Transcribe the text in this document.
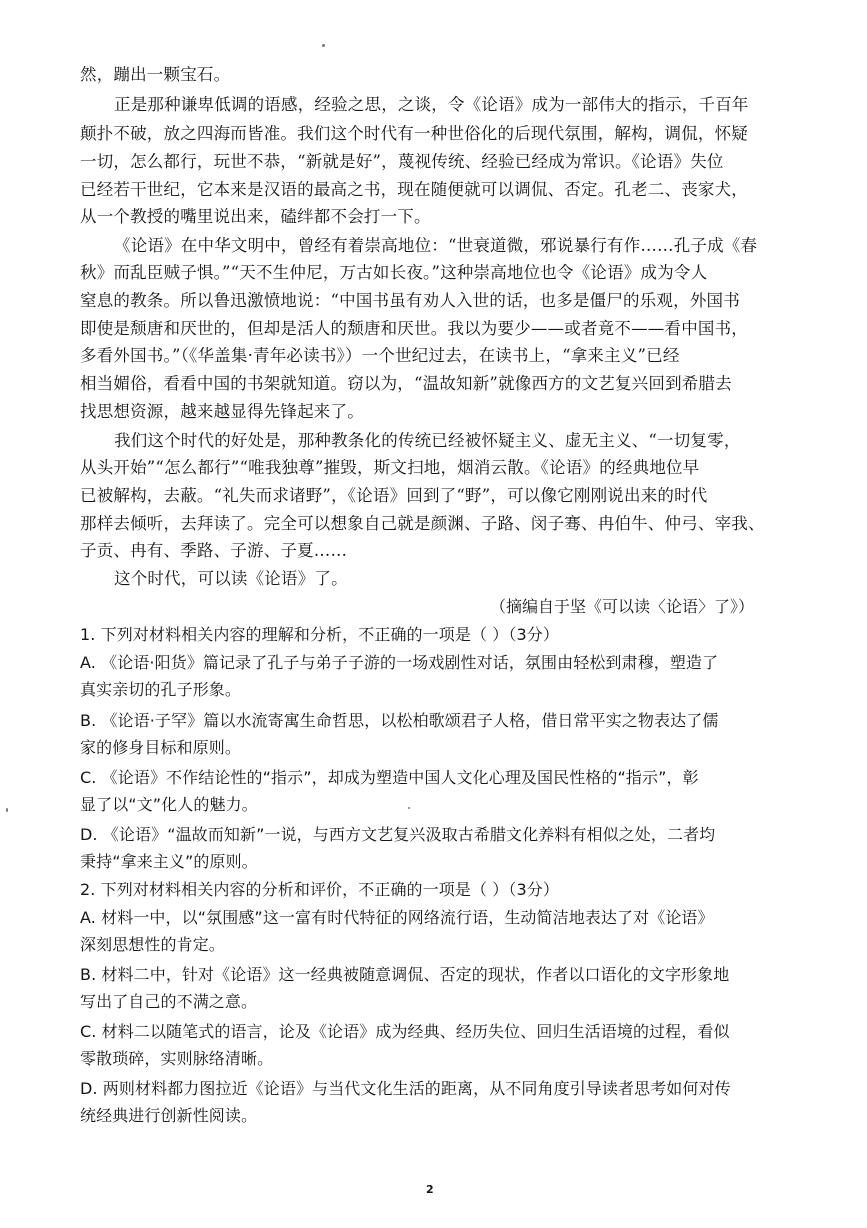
然，蹦出一颗宝石。
正是那种谦卑低调的语感，经验之思，之谈，令《论语》成为一部伟大的指示，千百年
颠扑不破，放之四海而皆准。我们这个时代有一种世俗化的后现代氛围，解构，调侃，怀疑
一切，怎么都行，玩世不恭，“新就是好”，蔑视传统、经验已经成为常识。《论语》失位
已经若干世纪，它本来是汉语的最高之书，现在随便就可以调侃、否定。孔老二、丧家犬，
从一个教授的嘴里说出来，磕绊都不会打一下。
《论语》在中华文明中，曾经有着崇高地位：“世衰道微，邪说暴行有作……孔子成《春
秋》而乱臣贼子惧。”“天不生仲尼，万古如长夜。”这种崇高地位也令《论语》成为令人
窒息的教条。所以鲁迅激愤地说：“中国书虽有劝人入世的话，也多是僵尸的乐观，外国书
即使是颓唐和厌世的，但却是活人的颓唐和厌世。我以为要少——或者竟不——看中国书，
多看外国书。”（《华盖集·青年必读书》）一个世纪过去，在读书上，“拿来主义”已经
相当媚俗，看看中国的书架就知道。窃以为，“温故知新”就像西方的文艺复兴回到希腊去
找思想资源，越来越显得先锋起来了。
我们这个时代的好处是，那种教条化的传统已经被怀疑主义、虚无主义、“一切复零，
从头开始”“怎么都行”“唯我独尊”摧毁，斯文扫地，烟消云散。《论语》的经典地位早
已被解构，去蔽。“礼失而求诸野”，《论语》回到了“野”，可以像它刚刚说出来的时代
那样去倾听，去拜读了。完全可以想象自己就是颜渊、子路、闵子骞、冉伯牛、仲弓、宰我、
子贡、冉有、季路、子游、子夏……
这个时代，可以读《论语》了。
（摘编自于坚《可以读〈论语〉了》）
1. 下列对材料相关内容的理解和分析，不正确的一项是（ ）（3分）
A. 《论语·阳货》篇记录了孔子与弟子子游的一场戏剧性对话，氛围由轻松到肃穆，塑造了
真实亲切的孔子形象。
B. 《论语·子罕》篇以水流寄寓生命哲思，以松柏歌颂君子人格，借日常平实之物表达了儒
家的修身目标和原则。
C. 《论语》不作结论性的“指示”，却成为塑造中国人文化心理及国民性格的“指示”，彰
显了以“文”化人的魅力。
D. 《论语》“温故而知新”一说，与西方文艺复兴汲取古希腊文化养料有相似之处，二者均
秉持“拿来主义”的原则。
2. 下列对材料相关内容的分析和评价，不正确的一项是（ ）（3分）
A. 材料一中，以“氛围感”这一富有时代特征的网络流行语，生动简洁地表达了对《论语》
深刻思想性的肯定。
B. 材料二中，针对《论语》这一经典被随意调侃、否定的现状，作者以口语化的文字形象地
写出了自己的不满之意。
C. 材料二以随笔式的语言，论及《论语》成为经典、经历失位、回归生活语境的过程，看似
零散琐碎，实则脉络清晰。
D. 两则材料都力图拉近《论语》与当代文化生活的距离，从不同角度引导读者思考如何对传
统经典进行创新性阅读。
2
